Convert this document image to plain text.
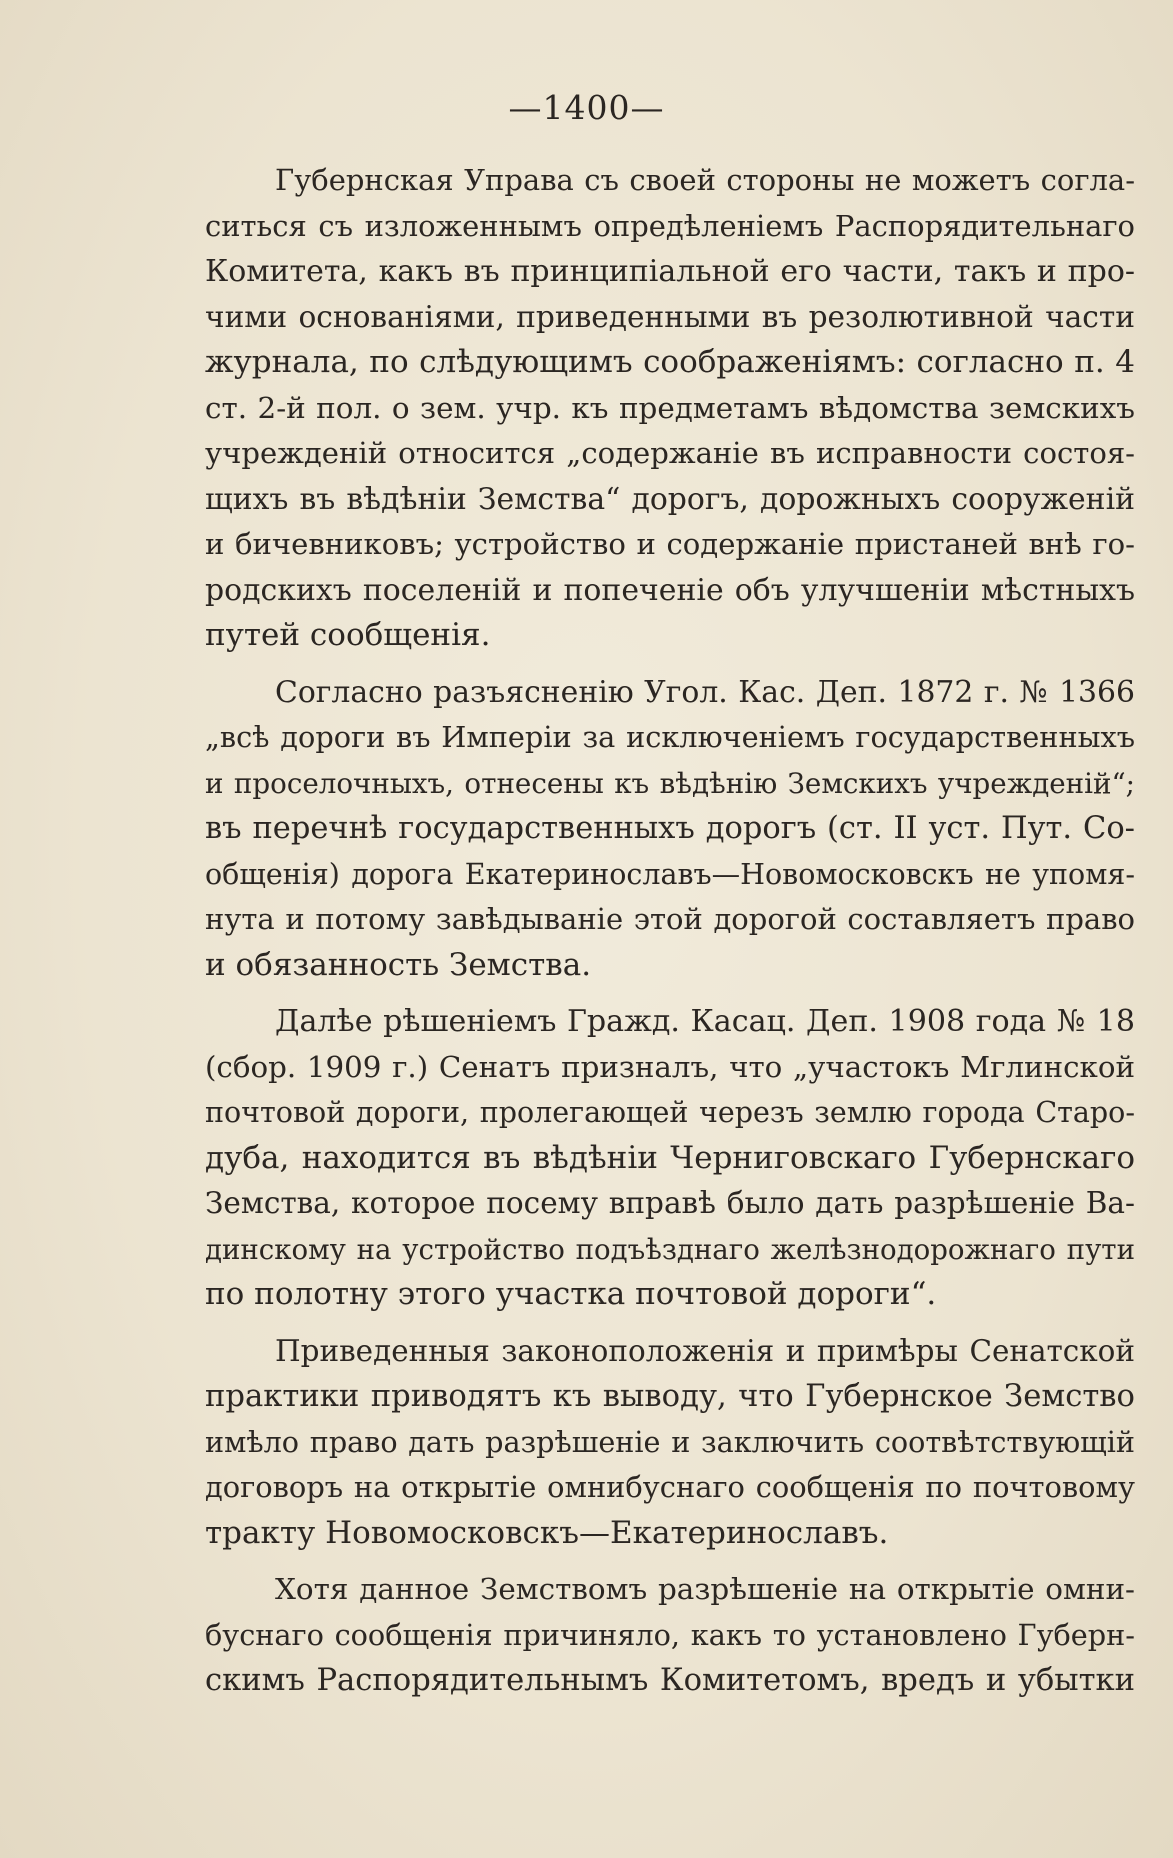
—1400—
Губернская Управа съ своей стороны не можетъ согла-
ситься съ изложеннымъ опредѣленіемъ Распорядительнаго
Комитета, какъ въ принципіальной его части, такъ и про-
чими основаніями, приведенными въ резолютивной части
журнала, по слѣдующимъ соображеніямъ: согласно п. 4
ст. 2-й пол. о зем. учр. къ предметамъ вѣдомства земскихъ
учрежденій относится „содержаніе въ исправности состоя-
щихъ въ вѣдѣніи Земства“ дорогъ, дорожныхъ сооруженій
и бичевниковъ; устройство и содержаніе пристаней внѣ го-
родскихъ поселеній и попеченіе объ улучшеніи мѣстныхъ
путей сообщенія.
Согласно разъясненію Угол. Кас. Деп. 1872 г. № 1366
„всѣ дороги въ Имперіи за исключеніемъ государственныхъ
и проселочныхъ, отнесены къ вѣдѣнію Земскихъ учрежденій“;
въ перечнѣ государственныхъ дорогъ (ст. II уст. Пут. Со-
общенія) дорога Екатеринославъ—Новомосковскъ не упомя-
нута и потому завѣдываніе этой дорогой составляетъ право
и обязанность Земства.
Далѣе рѣшеніемъ Гражд. Касац. Деп. 1908 года № 18
(сбор. 1909 г.) Сенатъ призналъ, что „участокъ Мглинской
почтовой дороги, пролегающей черезъ землю города Старо-
дуба, находится въ вѣдѣніи Черниговскаго Губернскаго
Земства, которое посему вправѣ было дать разрѣшеніе Ва-
динскому на устройство подъѣзднаго желѣзнодорожнаго пути
по полотну этого участка почтовой дороги“.
Приведенныя законоположенія и примѣры Сенатской
практики приводятъ къ выводу, что Губернское Земство
имѣло право дать разрѣшеніе и заключить соотвѣтствующій
договоръ на открытіе омнибуснаго сообщенія по почтовому
тракту Новомосковскъ—Екатеринославъ.
Хотя данное Земствомъ разрѣшеніе на открытіе омни-
буснаго сообщенія причиняло, какъ то установлено Губерн-
скимъ Распорядительнымъ Комитетомъ, вредъ и убытки
